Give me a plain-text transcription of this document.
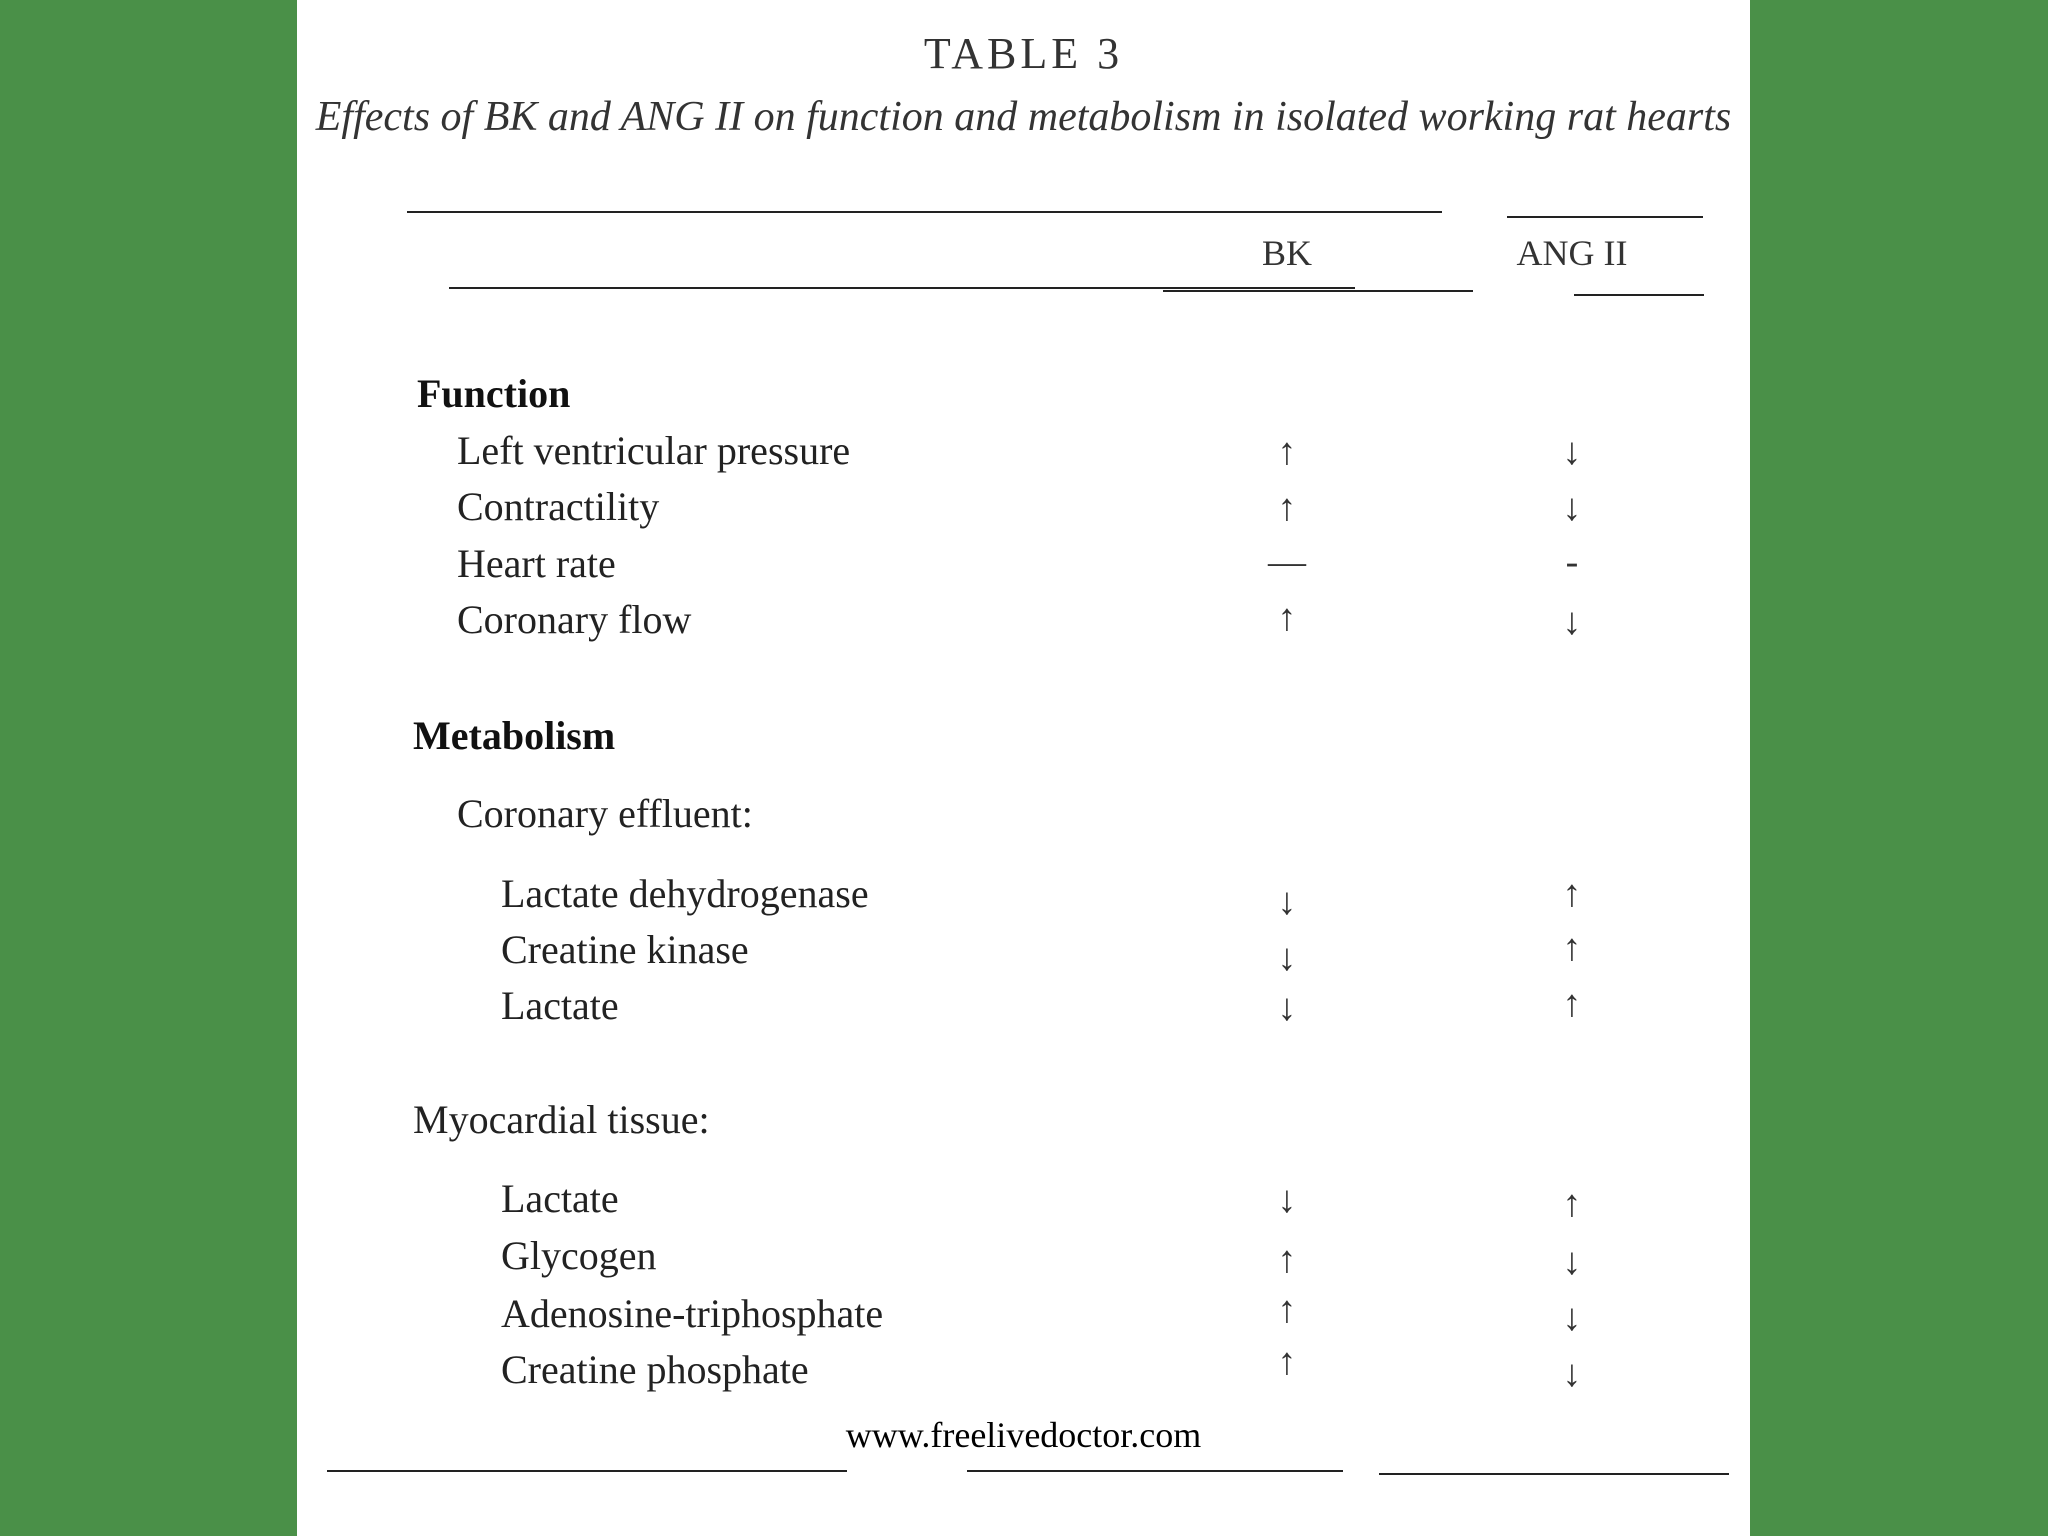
TABLE 3
Effects of BK and ANG II on function and metabolism in isolated working rat hearts
BK	ANG II
Function
Left ventricular pressure	↑	↓
Contractility	↑	↓
Heart rate	—	-
Coronary flow	↑	↓
Metabolism
Coronary effluent:
Lactate dehydrogenase	↓	↑
Creatine kinase	↓	↑
Lactate	↓	↑
Myocardial tissue:
Lactate	↓	↑
Glycogen	↑	↓
Adenosine-triphosphate	↑	↓
Creatine phosphate	↑	↓
www.freelivedoctor.com
